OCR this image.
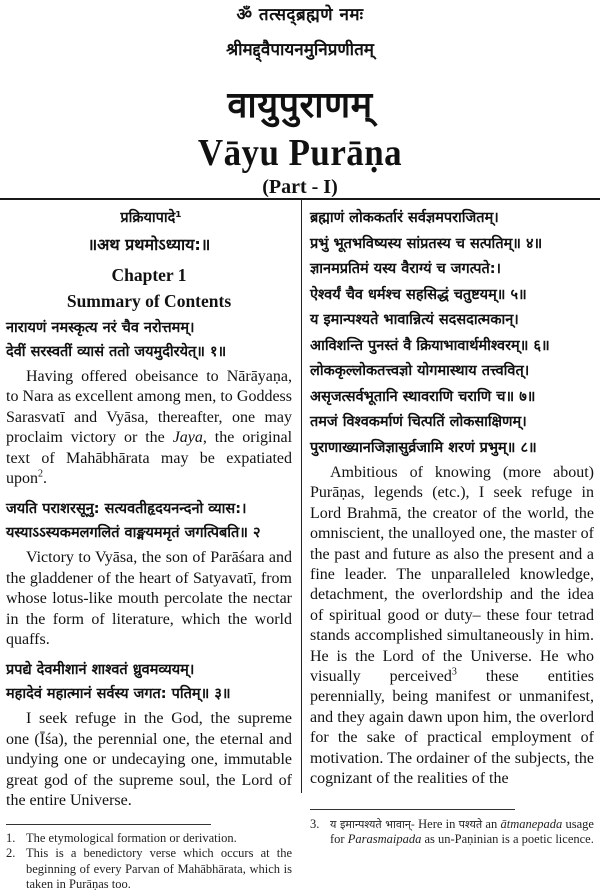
ॐ तत्सद्ब्रह्मणे नमः
श्रीमद्द्वैपायनमुनिप्रणीतम्
वायुपुराणम्
Vāyu Purāṇa
(Part - I)
प्रक्रियापादे¹
॥अथ प्रथमोऽध्याय:॥
Chapter 1
Summary of Contents
नारायणं नमस्कृत्य नरं चैव नरोत्तमम्।
देवीं सरस्वतीं व्यासं ततो जयमुदीरयेत्॥ १॥

Having offered obeisance to Nārāyaṇa, to Nara as excellent among men, to Goddess Sarasvatī and Vyāsa, thereafter, one may proclaim victory or the Jaya, the original text of Mahābhārata may be expatiated upon$^2$.

जयति पराशरसूनु: सत्यवतीहृदयनन्दनो व्यास:।
यस्याऽऽस्यकमलगलितं वाङ्मयममृतं जगत्पिबति॥ २

Victory to Vyāsa, the son of Parāśara and the gladdener of the heart of Satyavatī, from whose lotus-like mouth percolate the nectar in the form of literature, which the world quaffs.

प्रपद्ये देवमीशानं शाश्वतं ध्रुवमव्ययम्।
महादेवं महात्मानं सर्वस्य जगत: पतिम्॥ ३॥

I seek refuge in the God, the supreme one (Īśa), the perennial one, the eternal and undying one or undecaying one, immutable great god of the supreme soul, the Lord of the entire Universe.

1. The etymological formation or derivation.
2. This is a benedictory verse which occurs at the beginning of every Parvan of Mahābhārata, which is taken in Purāṇas too.
ब्रह्माणं लोककर्तारं सर्वज्ञमपराजितम्।
प्रभुं भूतभविष्यस्य सांप्रतस्य च सत्पतिम्॥ ४॥
ज्ञानमप्रतिमं यस्य वैराग्यं च जगत्पते:।
ऐश्वर्यं चैव धर्मश्च सहसिद्धं चतुष्टयम्॥ ५॥
य इमान्पश्यते भावान्नित्यं सदसदात्मकान्।
आविशन्ति पुनस्तं वै क्रियाभावार्थमीश्वरम्॥ ६॥
लोककृल्लोकतत्त्वज्ञो योगमास्थाय तत्त्ववित्।
असृजत्सर्वभूतानि स्थावराणि चराणि च॥ ७॥
तमजं विश्वकर्माणं चित्पतिं लोकसाक्षिणम्।
पुराणाख्यानजिज्ञासुर्व्रजामि शरणं प्रभुम्॥ ८॥

Ambitious of knowing (more about) Purāṇas, legends (etc.), I seek refuge in Lord Brahmā, the creator of the world, the omniscient, the unalloyed one, the master of the past and future as also the present and a fine leader. The unparalleled knowledge, detachment, the overlordship and the idea of spiritual good or duty– these four tetrad stands accomplished simultaneously in him. He is the Lord of the Universe. He who visually perceived$^3$ these entities perennially, being manifest or unmanifest, and they again dawn upon him, the overlord for the sake of practical employment of motivation. The ordainer of the subjects, the cognizant of the realities of the

3. य इमान्पश्यते भावान्- Here in पश्यते an ātmanepada usage for Parasmaipada as un-Paṇinian is a poetic licence.
